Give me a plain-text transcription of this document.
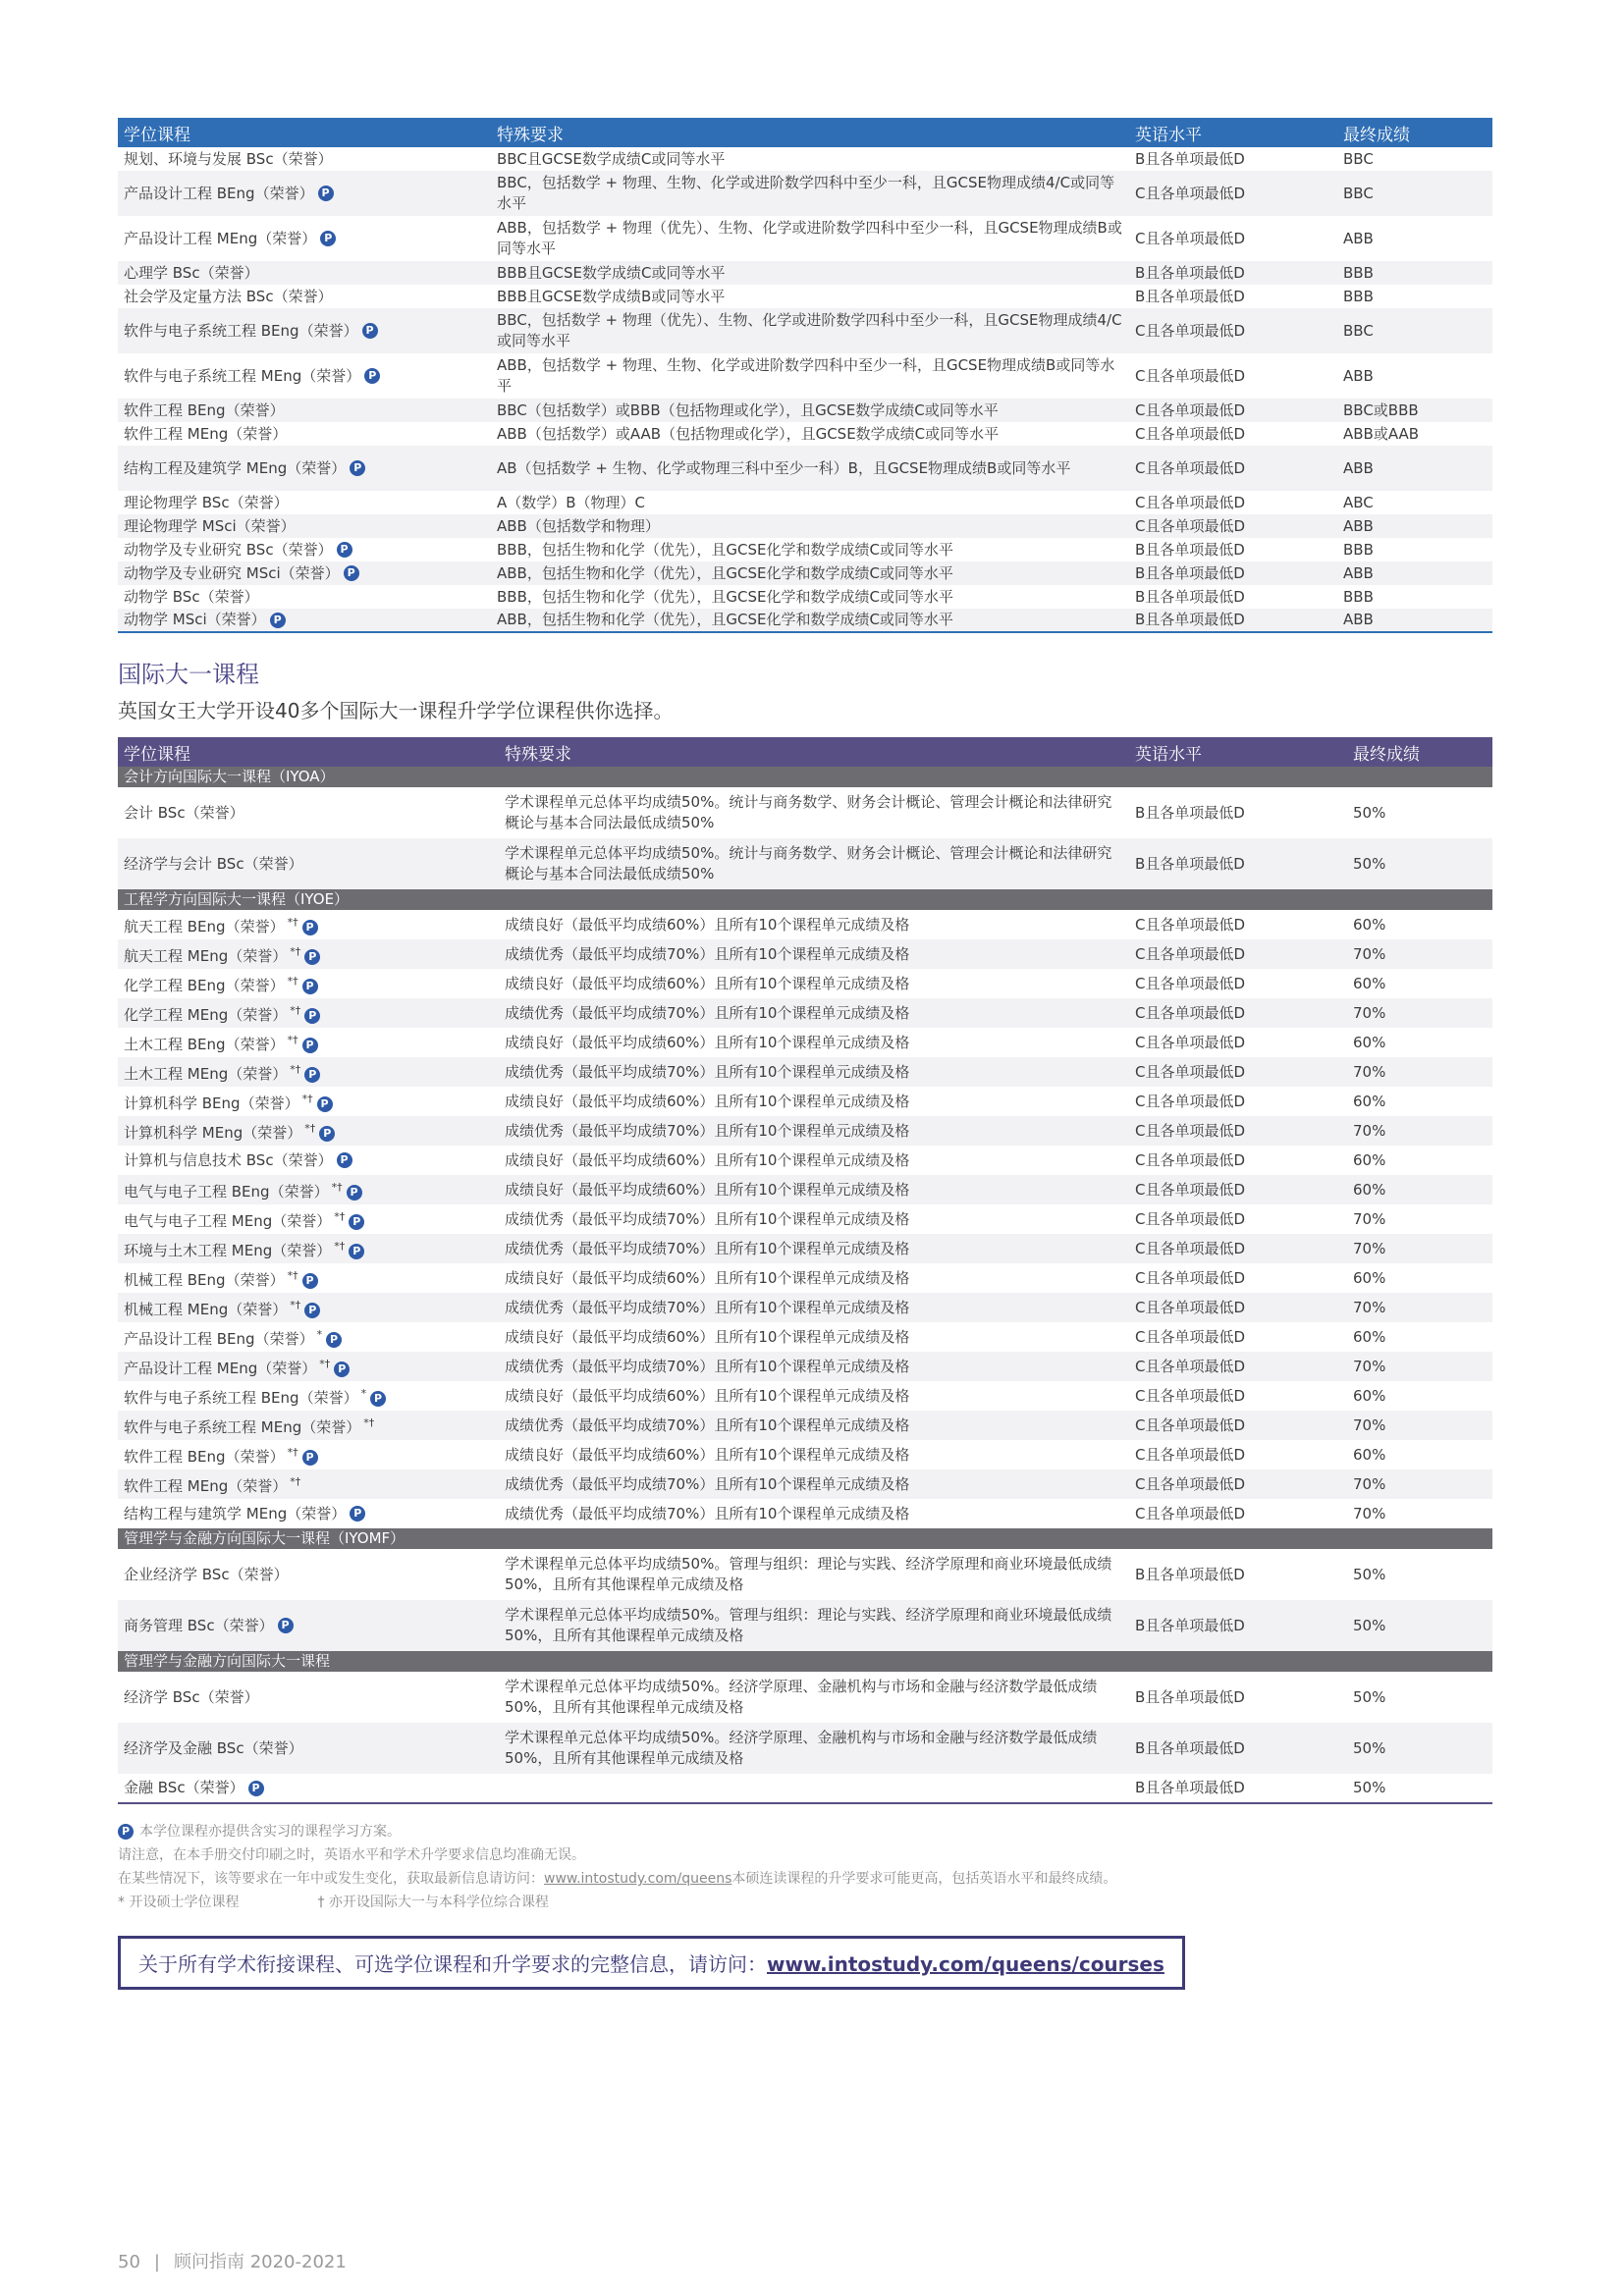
学位课程	特殊要求	英语水平	最终成绩
规划、环境与发展 BSc（荣誉）	BBC且GCSE数学成绩C或同等水平	B且各单项最低D	BBC
产品设计工程 BEng（荣誉） P	BBC，包括数学 + 物理、生物、化学或进阶数学四科中至少一科，且GCSE物理成绩4/C或同等水平	C且各单项最低D	BBC
产品设计工程 MEng（荣誉） P	ABB，包括数学 + 物理（优先）、生物、化学或进阶数学四科中至少一科，且GCSE物理成绩B或同等水平	C且各单项最低D	ABB
心理学 BSc（荣誉）	BBB且GCSE数学成绩C或同等水平	B且各单项最低D	BBB
社会学及定量方法 BSc（荣誉）	BBB且GCSE数学成绩B或同等水平	B且各单项最低D	BBB
软件与电子系统工程 BEng（荣誉） P	BBC，包括数学 + 物理（优先）、生物、化学或进阶数学四科中至少一科，且GCSE物理成绩4/C或同等水平	C且各单项最低D	BBC
软件与电子系统工程 MEng（荣誉） P	ABB，包括数学 + 物理、生物、化学或进阶数学四科中至少一科，且GCSE物理成绩B或同等水平	C且各单项最低D	ABB
软件工程 BEng（荣誉）	BBC（包括数学）或BBB（包括物理或化学），且GCSE数学成绩C或同等水平	C且各单项最低D	BBC或BBB
软件工程 MEng（荣誉）	ABB（包括数学）或AAB（包括物理或化学），且GCSE数学成绩C或同等水平	C且各单项最低D	ABB或AAB
结构工程及建筑学 MEng（荣誉） P	AB（包括数学 + 生物、化学或物理三科中至少一科）B，且GCSE物理成绩B或同等水平	C且各单项最低D	ABB
理论物理学 BSc（荣誉）	A（数学）B（物理）C	C且各单项最低D	ABC
理论物理学 MSci（荣誉）	ABB（包括数学和物理）	C且各单项最低D	ABB
动物学及专业研究 BSc（荣誉） P	BBB，包括生物和化学（优先），且GCSE化学和数学成绩C或同等水平	B且各单项最低D	BBB
动物学及专业研究 MSci（荣誉） P	ABB，包括生物和化学（优先），且GCSE化学和数学成绩C或同等水平	B且各单项最低D	ABB
动物学 BSc（荣誉）	BBB，包括生物和化学（优先），且GCSE化学和数学成绩C或同等水平	B且各单项最低D	BBB
动物学 MSci（荣誉） P	ABB，包括生物和化学（优先），且GCSE化学和数学成绩C或同等水平	B且各单项最低D	ABB
国际大一课程
英国女王大学开设40多个国际大一课程升学学位课程供你选择。
学位课程	特殊要求	英语水平	最终成绩
会计方向国际大一课程（IYOA）			
会计 BSc（荣誉）	学术课程单元总体平均成绩50%。统计与商务数学、财务会计概论、管理会计概论和法律研究概论与基本合同法最低成绩50%	B且各单项最低D	50%
经济学与会计 BSc（荣誉）	学术课程单元总体平均成绩50%。统计与商务数学、财务会计概论、管理会计概论和法律研究概论与基本合同法最低成绩50%	B且各单项最低D	50%
工程学方向国际大一课程（IYOE）			
航天工程 BEng（荣誉） *† P	成绩良好（最低平均成绩60%）且所有10个课程单元成绩及格	C且各单项最低D	60%
航天工程 MEng（荣誉） *† P	成绩优秀（最低平均成绩70%）且所有10个课程单元成绩及格	C且各单项最低D	70%
化学工程 BEng（荣誉） *† P	成绩良好（最低平均成绩60%）且所有10个课程单元成绩及格	C且各单项最低D	60%
化学工程 MEng（荣誉） *† P	成绩优秀（最低平均成绩70%）且所有10个课程单元成绩及格	C且各单项最低D	70%
土木工程 BEng（荣誉） *† P	成绩良好（最低平均成绩60%）且所有10个课程单元成绩及格	C且各单项最低D	60%
土木工程 MEng（荣誉） *† P	成绩优秀（最低平均成绩70%）且所有10个课程单元成绩及格	C且各单项最低D	70%
计算机科学 BEng（荣誉） *† P	成绩良好（最低平均成绩60%）且所有10个课程单元成绩及格	C且各单项最低D	60%
计算机科学 MEng（荣誉） *† P	成绩优秀（最低平均成绩70%）且所有10个课程单元成绩及格	C且各单项最低D	70%
计算机与信息技术 BSc（荣誉） P	成绩良好（最低平均成绩60%）且所有10个课程单元成绩及格	C且各单项最低D	60%
电气与电子工程 BEng（荣誉） *† P	成绩良好（最低平均成绩60%）且所有10个课程单元成绩及格	C且各单项最低D	60%
电气与电子工程 MEng（荣誉） *† P	成绩优秀（最低平均成绩70%）且所有10个课程单元成绩及格	C且各单项最低D	70%
环境与土木工程 MEng（荣誉） *† P	成绩优秀（最低平均成绩70%）且所有10个课程单元成绩及格	C且各单项最低D	70%
机械工程 BEng（荣誉） *† P	成绩良好（最低平均成绩60%）且所有10个课程单元成绩及格	C且各单项最低D	60%
机械工程 MEng（荣誉） *† P	成绩优秀（最低平均成绩70%）且所有10个课程单元成绩及格	C且各单项最低D	70%
产品设计工程 BEng（荣誉） * P	成绩良好（最低平均成绩60%）且所有10个课程单元成绩及格	C且各单项最低D	60%
产品设计工程 MEng（荣誉） *† P	成绩优秀（最低平均成绩70%）且所有10个课程单元成绩及格	C且各单项最低D	70%
软件与电子系统工程 BEng（荣誉） * P	成绩良好（最低平均成绩60%）且所有10个课程单元成绩及格	C且各单项最低D	60%
软件与电子系统工程 MEng（荣誉） *†	成绩优秀（最低平均成绩70%）且所有10个课程单元成绩及格	C且各单项最低D	70%
软件工程 BEng（荣誉） *† P	成绩良好（最低平均成绩60%）且所有10个课程单元成绩及格	C且各单项最低D	60%
软件工程 MEng（荣誉） *†	成绩优秀（最低平均成绩70%）且所有10个课程单元成绩及格	C且各单项最低D	70%
结构工程与建筑学 MEng（荣誉） P	成绩优秀（最低平均成绩70%）且所有10个课程单元成绩及格	C且各单项最低D	70%
管理学与金融方向国际大一课程（IYOMF）			
企业经济学 BSc（荣誉）	学术课程单元总体平均成绩50%。管理与组织：理论与实践、经济学原理和商业环境最低成绩50%，且所有其他课程单元成绩及格	B且各单项最低D	50%
商务管理 BSc（荣誉） P	学术课程单元总体平均成绩50%。管理与组织：理论与实践、经济学原理和商业环境最低成绩50%，且所有其他课程单元成绩及格	B且各单项最低D	50%
管理学与金融方向国际大一课程			
经济学 BSc（荣誉）	学术课程单元总体平均成绩50%。经济学原理、金融机构与市场和金融与经济数学最低成绩50%，且所有其他课程单元成绩及格	B且各单项最低D	50%
经济学及金融 BSc（荣誉）	学术课程单元总体平均成绩50%。经济学原理、金融机构与市场和金融与经济数学最低成绩50%，且所有其他课程单元成绩及格	B且各单项最低D	50%
金融 BSc（荣誉） P		B且各单项最低D	50%
P 本学位课程亦提供含实习的课程学习方案。
请注意，在本手册交付印刷之时，英语水平和学术升学要求信息均准确无误。
在某些情况下，该等要求在一年中或发生变化，获取最新信息请访问：www.intostudy.com/queens本硕连读课程的升学要求可能更高，包括英语水平和最终成绩。
* 开设硕士学位课程	† 亦开设国际大一与本科学位综合课程
关于所有学术衔接课程、可选学位课程和升学要求的完整信息，请访问：www.intostudy.com/queens/courses
50 | 顾问指南 2020-2021
